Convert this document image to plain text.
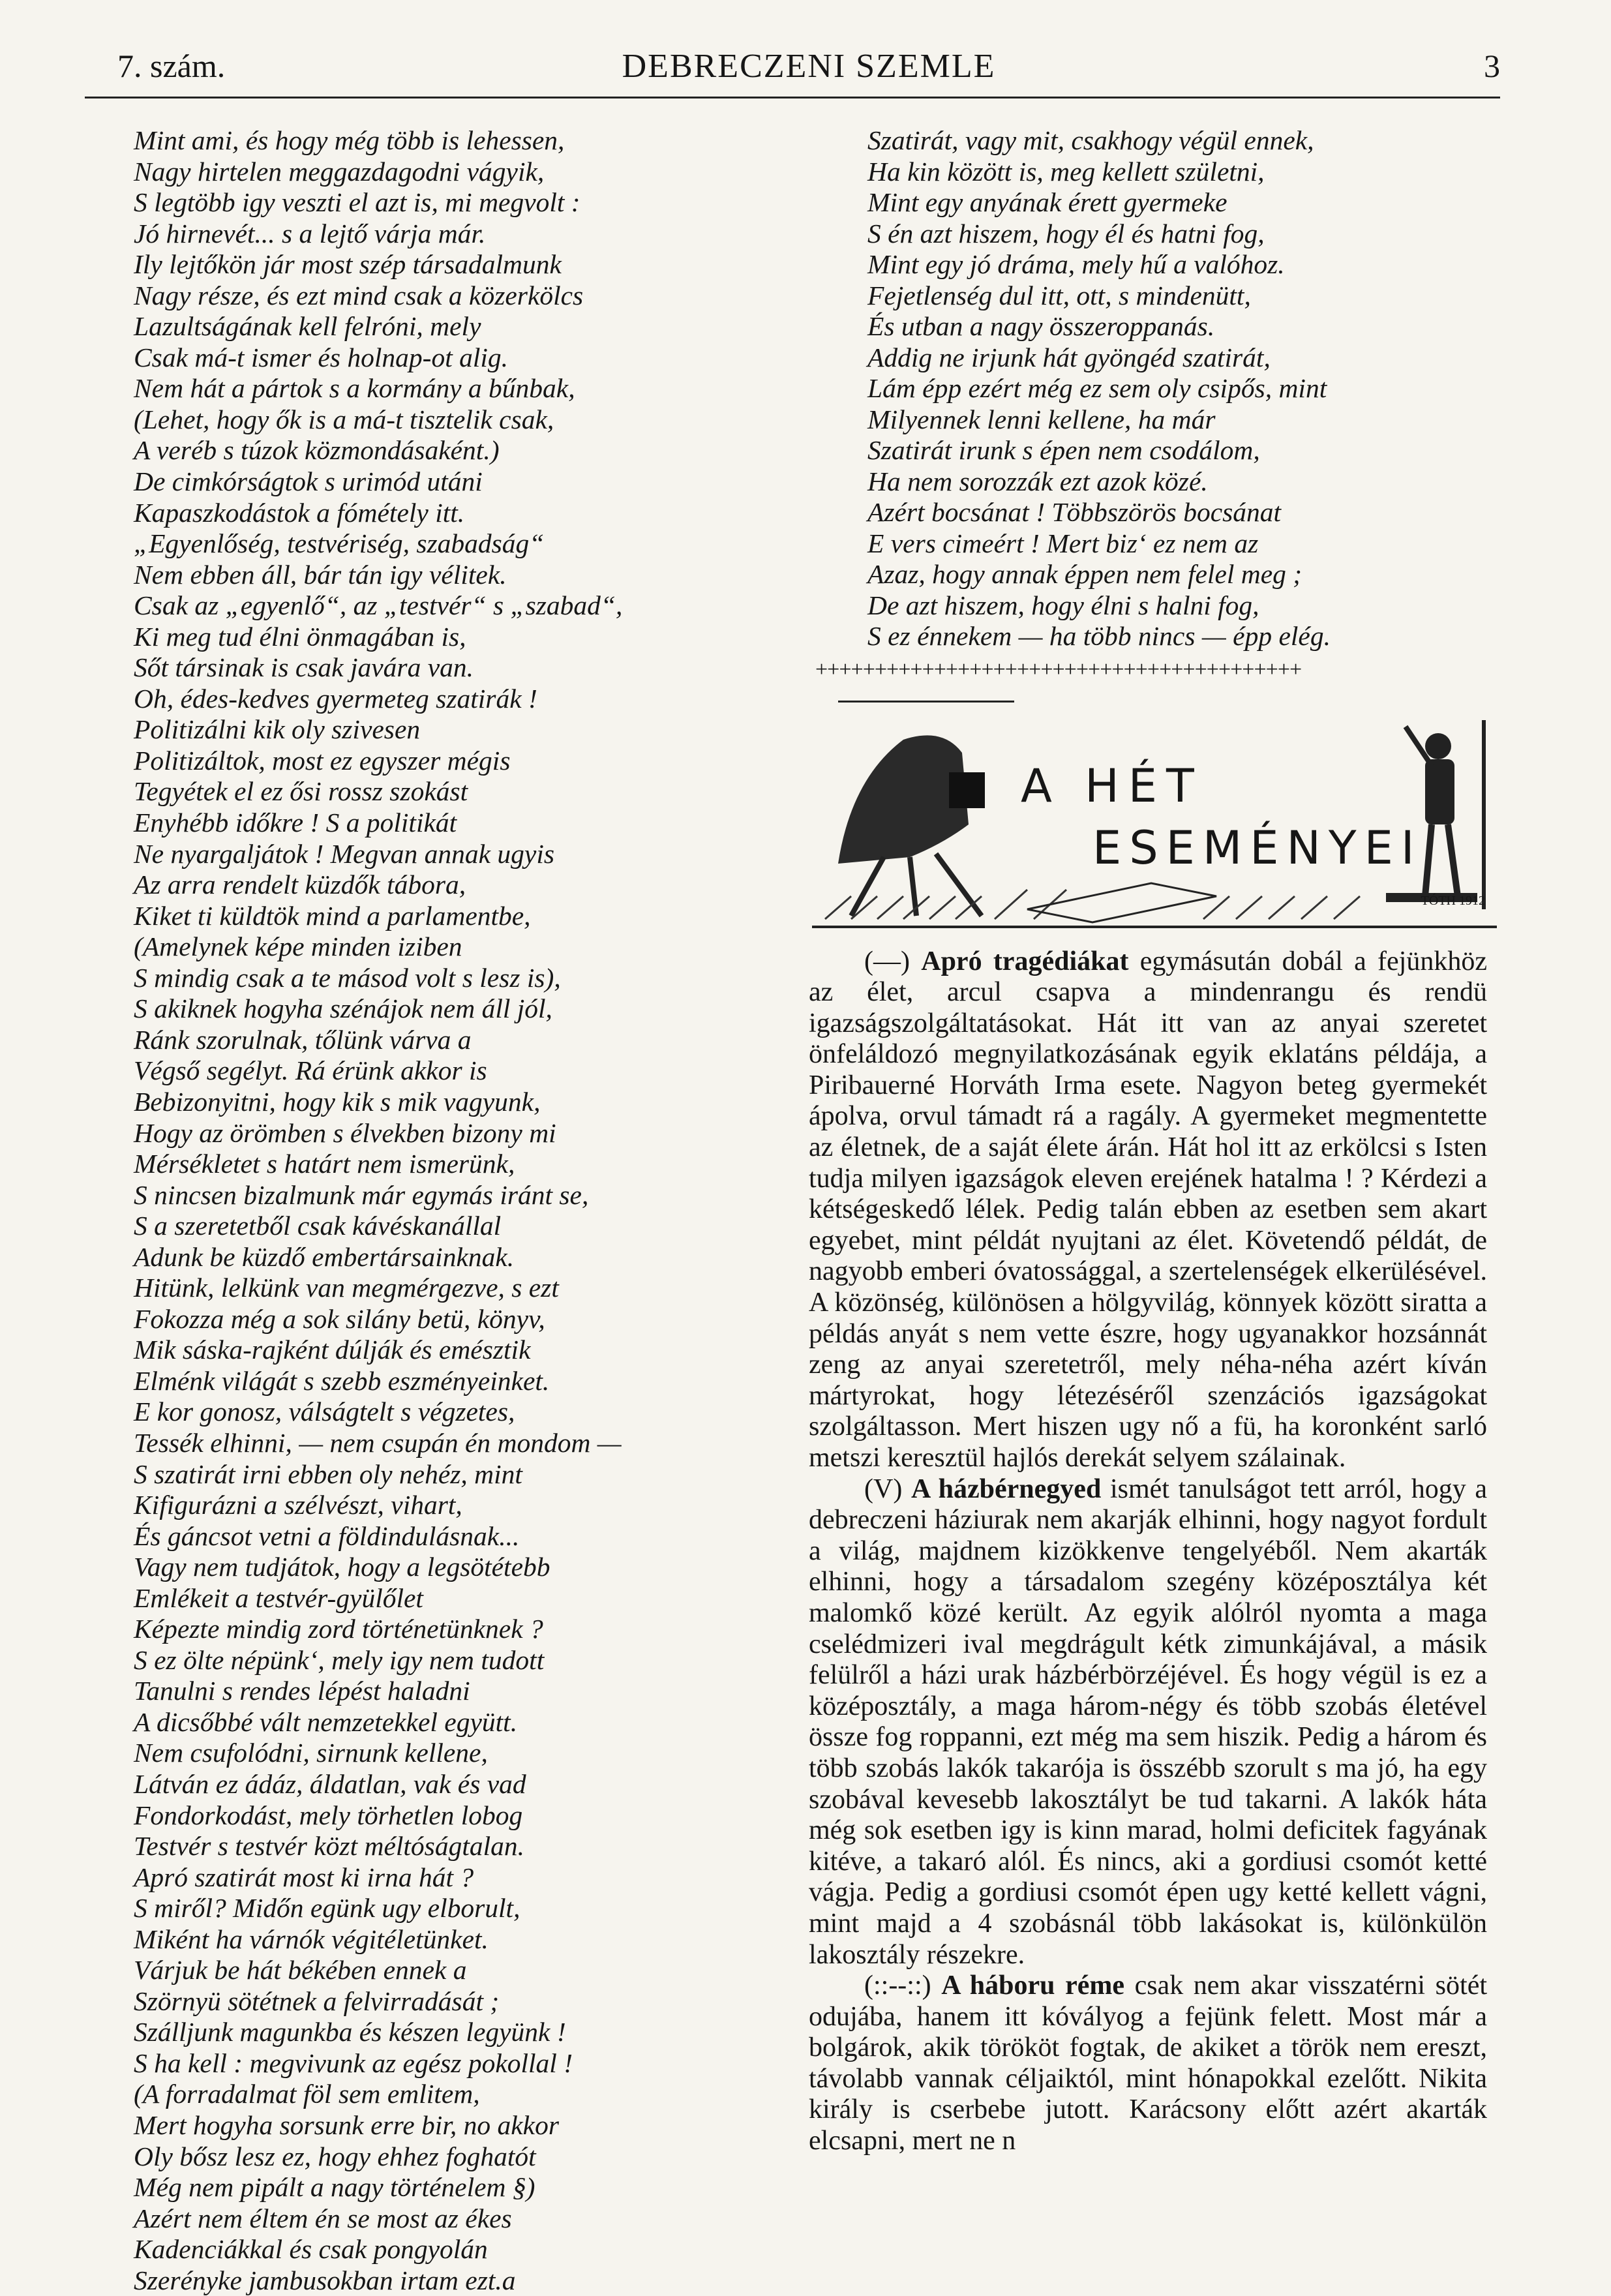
7. szám.	DEBRECZENI SZEMLE	3
Mint ami, és hogy még több is lehessen,
Nagy hirtelen meggazdagodni vágyik,
S legtöbb igy veszti el azt is, mi megvolt :
Jó hirnevét... s a lejtő várja már.
Ily lejtőkön jár most szép társadalmunk
Nagy része, és ezt mind csak a közerkölcs
Lazultságának kell felróni, mely
Csak má-t ismer és holnap-ot alig.
Nem hát a pártok s a kormány a bűnbak,
(Lehet, hogy ők is a má-t tisztelik csak,
A veréb s túzok közmondásaként.)
De cimkórságtok s urimód utáni
Kapaszkodástok a fómétely itt.
„Egyenlőség, testvériség, szabadság“
Nem ebben áll, bár tán igy vélitek.
Csak az „egyenlő“, az „testvér“ s „szabad“,
Ki meg tud élni önmagában is,
Sőt társinak is csak javára van.
Oh, édes-kedves gyermeteg szatirák !
Politizálni kik oly szivesen
Politizáltok, most ez egyszer mégis
Tegyétek el ez ősi rossz szokást
Enyhébb időkre ! S a politikát
Ne nyargaljátok ! Megvan annak ugyis
Az arra rendelt küzdők tábora,
Kiket ti küldtök mind a parlamentbe,
(Amelynek képe minden iziben
S mindig csak a te másod volt s lesz is),
S akiknek hogyha szénájok nem áll jól,
Ránk szorulnak, tőlünk várva a
Végső segélyt. Rá érünk akkor is
Bebizonyitni, hogy kik s mik vagyunk,
Hogy az örömben s élvekben bizony mi
Mérsékletet s határt nem ismerünk,
S nincsen bizalmunk már egymás iránt se,
S a szeretetből csak kávéskanállal
Adunk be küzdő embertársainknak.
Hitünk, lelkünk van megmérgezve, s ezt
Fokozza még a sok silány betü, könyv,
Mik sáska-rajként dúlják és emésztik
Elménk világát s szebb eszményeinket.
E kor gonosz, válságtelt s végzetes,
Tessék elhinni, — nem csupán én mondom —
S szatirát irni ebben oly nehéz, mint
Kifigurázni a szélvészt, vihart,
És gáncsot vetni a földindulásnak...
Vagy nem tudjátok, hogy a legsötétebb
Emlékeit a testvér-gyülőlet
Képezte mindig zord történetünknek ?
S ez ölte népünk‘, mely igy nem tudott
Tanulni s rendes lépést haladni
A dicsőbbé vált nemzetekkel együtt.
Nem csufolódni, sirnunk kellene,
Látván ez ádáz, áldatlan, vak és vad
Fondorkodást, mely törhetlen lobog
Testvér s testvér közt méltóságtalan.
Apró szatirát most ki irna hát ?
S miről? Midőn egünk ugy elborult,
Miként ha várnók végitéletünket.
Várjuk be hát békében ennek a
Szörnyü sötétnek a felvirradását ;
Szálljunk magunkba és készen legyünk !
S ha kell : megvivunk az egész pokollal !
(A forradalmat föl sem emlitem,
Mert hogyha sorsunk erre bir, no akkor
Oly bősz lesz ez, hogy ehhez foghatót
Még nem pipált a nagy történelem §)
Azért nem éltem én se most az ékes
Kadenciákkal és csak pongyolán
Szerényke jambusokban irtam ezt.a
Szatirát, vagy mit, csakhogy végül ennek,
Ha kin között is, meg kellett születni,
Mint egy anyának érett gyermeke
S én azt hiszem, hogy él és hatni fog,
Mint egy jó dráma, mely hű a valóhoz.
Fejetlenség dul itt, ott, s mindenütt,
És utban a nagy összeroppanás.
Addig ne irjunk hát gyöngéd szatirát,
Lám épp ezért még ez sem oly csipős, mint
Milyennek lenni kellene, ha már
Szatirát irunk s épen nem csodálom,
Ha nem sorozzák ezt azok közé.
Azért bocsánat ! Többszörös bocsánat
E vers cimeért ! Mert biz‘ ez nem az
Azaz, hogy annak éppen nem felel meg ;
De azt hiszem, hogy élni s halni fog,
S ez énnekem — ha több nincs — épp elég.
+++++++++++++++++++++++++++++++++++++++++
A HÉT
ESEMÉNYEI
TÓTH 1912

(—) Apró tragédiákat egymásután dobál a fejünkhöz az élet, arcul csapva a mindenrangu és rendü igazságszolgáltatásokat. Hát itt van az anyai szeretet önfeláldozó megnyilatkozásának egyik eklatáns példája, a Piribauerné Horváth Irma esete. Nagyon beteg gyermekét ápolva, orvul támadt rá a ragály. A gyermeket megmentette az életnek, de a saját élete árán. Hát hol itt az erkölcsi s Isten tudja milyen igazságok eleven erejének hatalma ! ? Kérdezi a kétségeskedő lélek. Pedig talán ebben az esetben sem akart egyebet, mint példát nyujtani az élet. Követendő példát, de nagyobb emberi óvatossággal, a szertelenségek elkerülésével. A közönség, különösen a hölgyvilág, könnyek között siratta a példás anyát s nem vette észre, hogy ugyanakkor hozsánnát zeng az anyai szeretetről, mely néha-néha azért kíván mártyrokat, hogy létezéséről szenzációs igazságokat szolgáltasson. Mert hiszen ugy nő a fü, ha koronként sarló metszi keresztül hajlós derekát selyem szálainak.

(V) A házbérnegyed ismét tanulságot tett arról, hogy a debreczeni háziurak nem akarják elhinni, hogy nagyot fordult a világ, majdnem kizökkenve tengelyéből. Nem akarták elhinni, hogy a társadalom szegény középosztálya két malomkő közé került. Az egyik alólról nyomta a maga cselédmizeri ival megdrágult kétk zimunkájával, a másik felülről a házi urak házbérbörzéjével. És hogy végül is ez a középosztály, a maga három-négy és több szobás életével össze fog roppanni, ezt még ma sem hiszik. Pedig a három és több szobás lakók takarója is összébb szorult s ma jó, ha egy szobával kevesebb lakosztályt be tud takarni. A lakók háta még sok esetben igy is kinn marad, holmi deficitek fagyának kitéve, a takaró alól. És nincs, aki a gordiusi csomót ketté vágja. Pedig a gordiusi csomót épen ugy ketté kellett vágni, mint majd a 4 szobásnál több lakásokat is, különkülön lakosztály részekre.

(::--::) A háboru réme csak nem akar visszatérni sötét odujába, hanem itt kóvályog a fejünk felett. Most már a bolgárok, akik törököt fogtak, de akiket a török nem ereszt, távolabb vannak céljaiktól, mint hónapokkal ezelőtt. Nikita király is cserbebe jutott. Karácsony előtt azért akarták elcsapni, mert ne n
